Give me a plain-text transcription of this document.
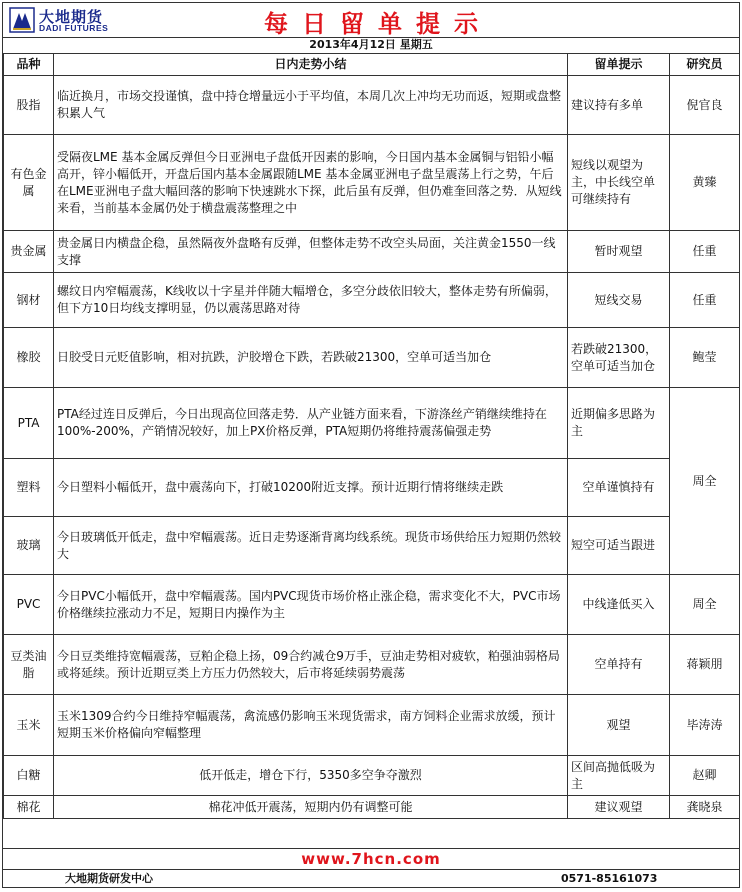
大地期货
DADI FUTURES	每日留单提示
2013年4月12日 星期五
品种	日内走势小结	留单提示	研究员
股指	临近换月，市场交投谨慎，盘中持仓增量远小于平均值，本周几次上冲均无功而返，短期或盘整积累人气	建议持有多单	倪官良
有色金属	受隔夜LME 基本金属反弹但今日亚洲电子盘低开因素的影响，今日国内基本金属铜与铝铅小幅高开，锌小幅低开，开盘后国内基本金属跟随LME 基本金属亚洲电子盘呈震荡上行之势，午后在LME亚洲电子盘大幅回落的影响下快速跳水下探，此后虽有反弹，但仍难奎回落之势．从短线来看，当前基本金属仍处于横盘震荡整理之中	短线以观望为主，中长线空单可继续持有	黄臻
贵金属	贵金属日内横盘企稳，虽然隔夜外盘略有反弹，但整体走势不改空头局面，关注黄金1550一线支撑	暂时观望	任重
钢材	螺纹日内窄幅震荡，K线收以十字星并伴随大幅增仓，多空分歧依旧较大，整体走势有所偏弱，但下方10日均线支撑明显，仍以震荡思路对待	短线交易	任重
橡胶	日胶受日元贬值影响，相对抗跌，沪胶增仓下跌，若跌破21300，空单可适当加仓	若跌破21300，空单可适当加仓	鲍莹
PTA	PTA经过连日反弹后，今日出现高位回落走势．从产业链方面来看，下游涤丝产销继续维持在100%-200%，产销情况较好，加上PX价格反弹，PTA短期仍将维持震荡偏强走势	近期偏多思路为主	周全
塑料	今日塑料小幅低开，盘中震荡向下，打破10200附近支撑。预计近期行情将继续走跌	空单谨慎持有	
玻璃	今日玻璃低开低走，盘中窄幅震荡。近日走势逐渐背离均线系统。现货市场供给压力短期仍然较大	短空可适当跟进	
PVC	今日PVC小幅低开，盘中窄幅震荡。国内PVC现货市场价格止涨企稳，需求变化不大，PVC市场价格继续拉涨动力不足，短期日内操作为主	中线逢低买入	周全
豆类油脂	今日豆类维持宽幅震荡，豆粕企稳上扬，09合约减仓9万手，豆油走势相对疲软，粕强油弱格局或将延续。预计近期豆类上方压力仍然较大，后市将延续弱势震荡	空单持有	蒋颖朋
玉米	玉米1309合约今日维持窄幅震荡，禽流感仍影响玉米现货需求，南方饲料企业需求放缓，预计短期玉米价格偏向窄幅整理	观望	毕涛涛
白糖	低开低走，增仓下行，5350多空争夺激烈	区间高抛低吸为主	赵卿
棉花	棉花冲低开震荡，短期内仍有调整可能	建议观望	龚晓泉
www.7hcn.com
大地期货研发中心	0571-85161073
